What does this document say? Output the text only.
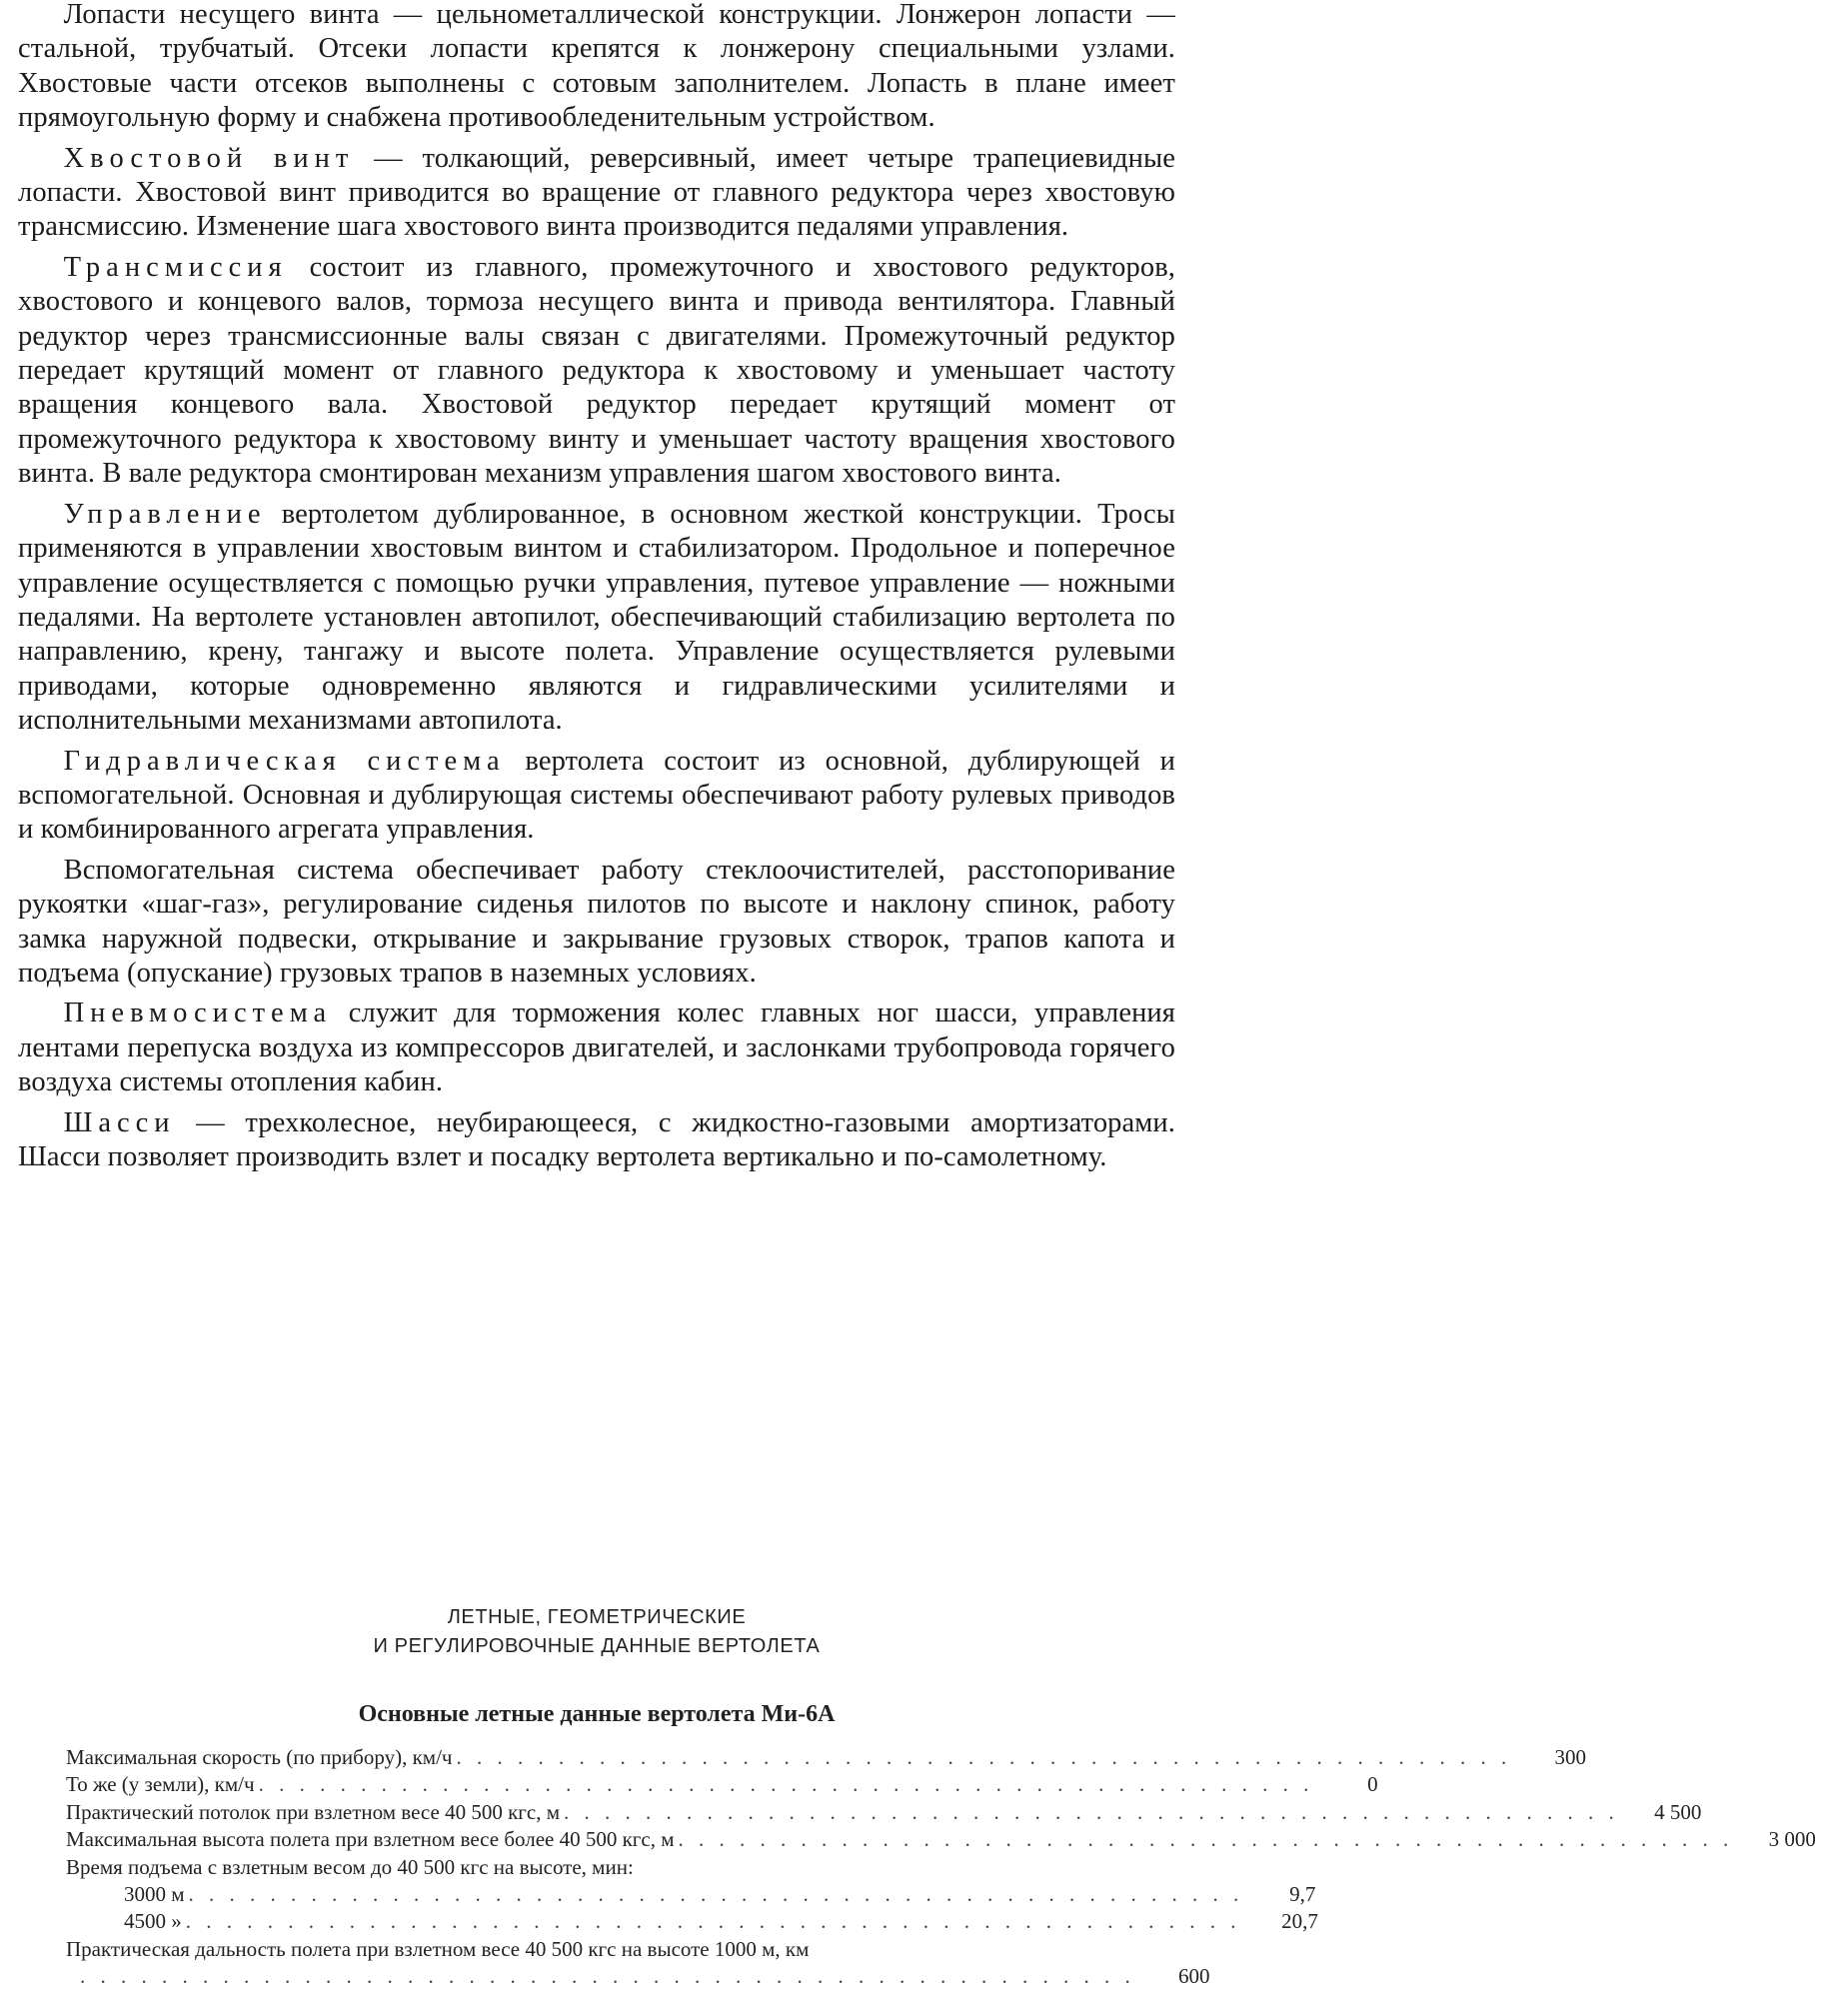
Лопасти несущего винта — цельнометаллической конструкции. Лонжерон лопасти — стальной, трубчатый. Отсеки лопасти крепятся к лонжерону специальными узлами. Хвостовые части отсеков выполнены с сотовым заполнителем. Лопасть в плане имеет прямоугольную форму и снабжена противообледенительным устройством.

Хвостовой винт — толкающий, реверсивный, имеет четыре трапециевидные лопасти. Хвостовой винт приводится во вращение от главного редуктора через хвостовую трансмиссию. Изменение шага хвостового винта производится педалями управления.

Трансмиссия состоит из главного, промежуточного и хвостового редукторов, хвостового и концевого валов, тормоза несущего винта и привода вентилятора. Главный редуктор через трансмиссионные валы связан с двигателями. Промежуточный редуктор передает крутящий момент от главного редуктора к хвостовому и уменьшает частоту вращения концевого вала. Хвостовой редуктор передает крутящий момент от промежуточного редуктора к хвостовому винту и уменьшает частоту вращения хвостового винта. В вале редуктора смонтирован механизм управления шагом хвостового винта.

Управление вертолетом дублированное, в основном жесткой конструкции. Тросы применяются в управлении хвостовым винтом и стабилизатором. Продольное и поперечное управление осуществляется с помощью ручки управления, путевое управление — ножными педалями. На вертолете установлен автопилот, обеспечивающий стабилизацию вертолета по направлению, крену, тангажу и высоте полета. Управление осуществляется рулевыми приводами, которые одновременно являются и гидравлическими усилителями и исполнительными механизмами автопилота.

Гидравлическая система вертолета состоит из основной, дублирующей и вспомогательной. Основная и дублирующая системы обеспечивают работу рулевых приводов и комбинированного агрегата управления.

Вспомогательная система обеспечивает работу стеклоочистителей, расстопоривание рукоятки «шаг-газ», регулирование сиденья пилотов по высоте и наклону спинок, работу замка наружной подвески, открывание и закрывание грузовых створок, трапов капота и подъема (опускание) грузовых трапов в наземных условиях.

Пневмосистема служит для торможения колес главных ног шасси, управления лентами перепуска воздуха из компрессоров двигателей, и заслонками трубопровода горячего воздуха системы отопления кабин.

Шасси — трехколесное, неубирающееся, с жидкостно-газовыми амортизаторами. Шасси позволяет производить взлет и посадку вертолета вертикально и по-самолетному.

ЛЕТНЫЕ, ГЕОМЕТРИЧЕСКИЕ
И РЕГУЛИРОВОЧНЫЕ ДАННЫЕ ВЕРТОЛЕТА
Основные летные данные вертолета Ми-6А
Максимальная скорость (по прибору), км/ч . . . . . . . . . . . . . . . . . . . . . . . . . . . . . . . . . . . . . . . . . . . . . . . . . . . .	300
То же (у земли), км/ч . . . . . . . . . . . . . . . . . . . . . . . . . . . . . . . . . . . . . . . . . . . . . . . . . . . .	0
Практический потолок при взлетном весе 40 500 кгс, м . . . . . . . . . . . . . . . . . . . . . . . . . . . . . . . . . . . . . . . . . . . . . . . . . . . .	4 500
Максимальная высота полета при взлетном весе более 40 500 кгс, м . . . . . . . . . . . . . . . . . . . . . . . . . . . . . . . . . . . . . . . . . . . . . . . . . . . .	3 000
Время подъема с взлетным весом до 40 500 кгс на высоте, мин:
3000 м . . . . . . . . . . . . . . . . . . . . . . . . . . . . . . . . . . . . . . . . . . . . . . . . . . . .	9,7
4500 » . . . . . . . . . . . . . . . . . . . . . . . . . . . . . . . . . . . . . . . . . . . . . . . . . . . .	20,7
Практическая дальность полета при взлетном весе 40 500 кгс на высоте 1000 м, км
. . . . . . . . . . . . . . . . . . . . . . . . . . . . . . . . . . . . . . . . . . . . . . . . . . . .	600
